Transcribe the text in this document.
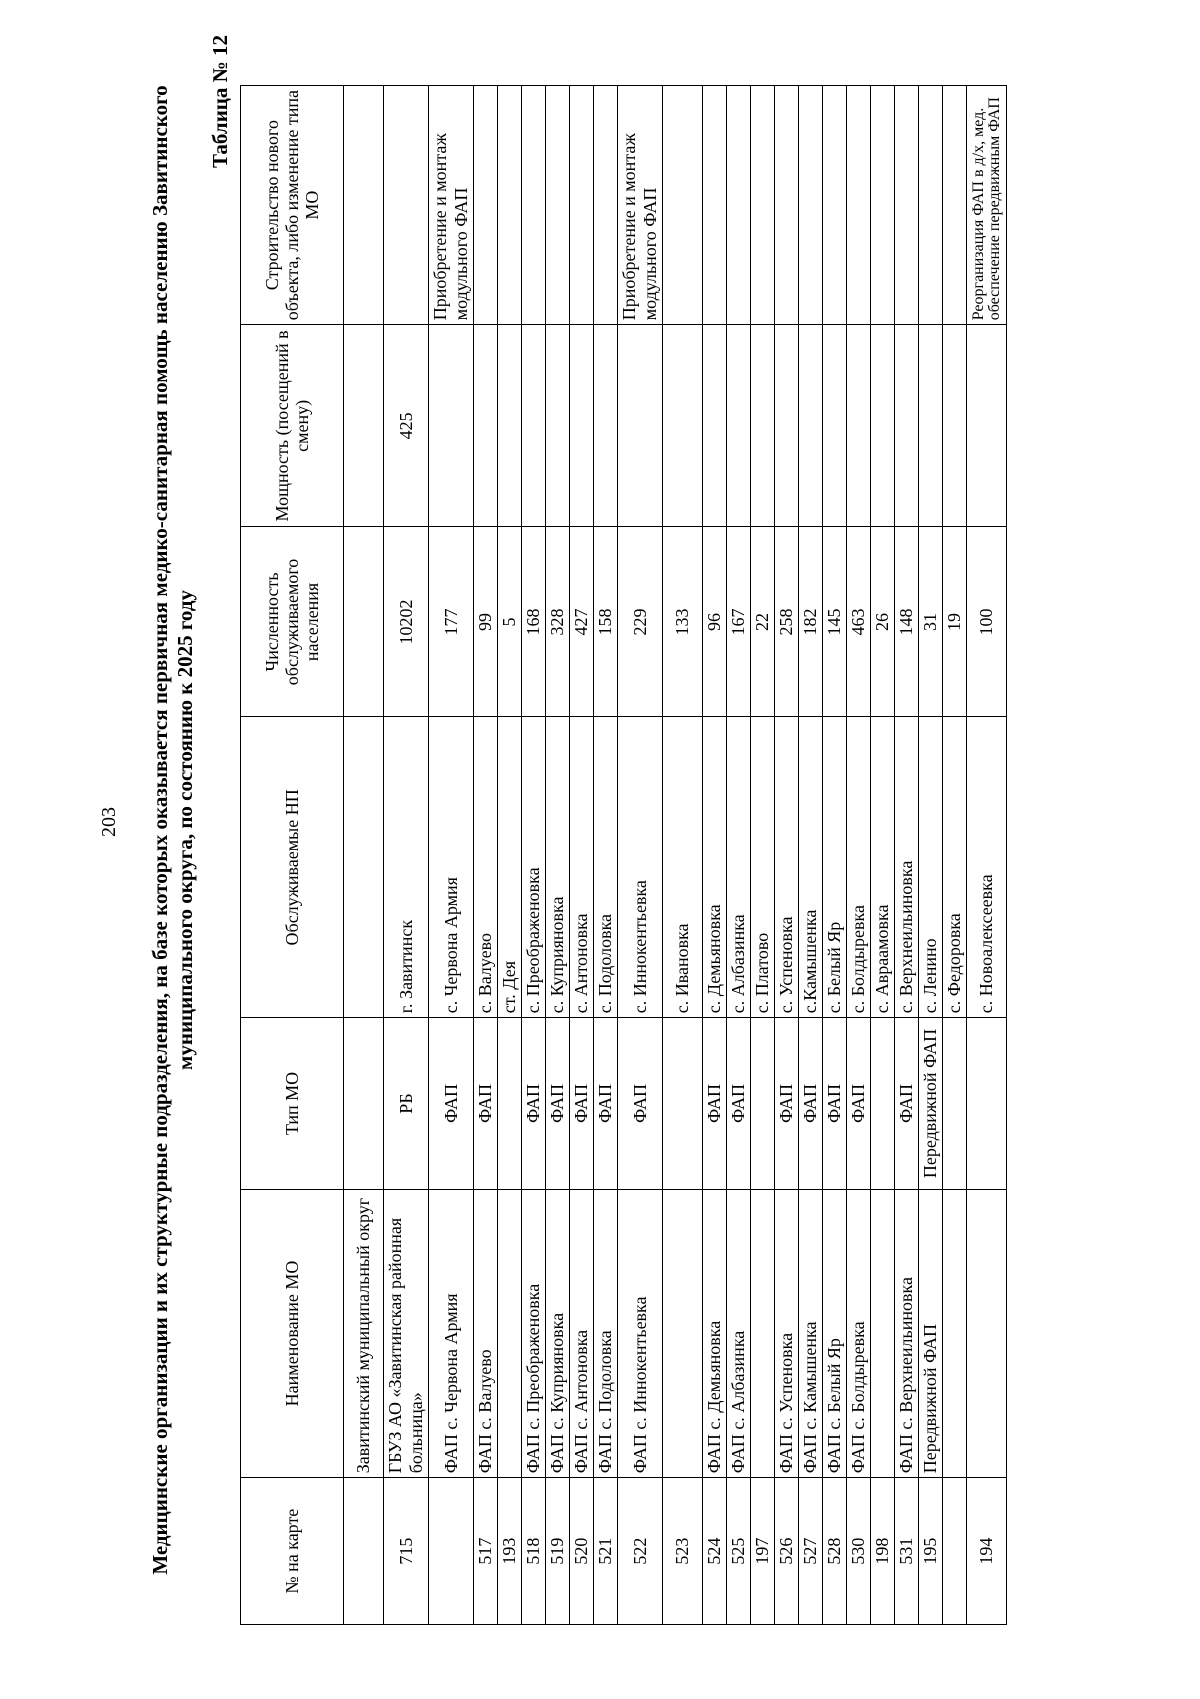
203 Медицинские организации и их структурные подразделения, на базе которых оказывается первичная медико-санитарная помощь населению Завитинского муниципального округа, по состоянию к 2025 году

Таблица № 12
№ на карте	Наименование МО	Тип МО	Обслуживаемые НП	Численность обслуживаемого населения	Мощность (посещений в смену)	Строительство нового объекта, либо изменение типа МО
	Завитинский муниципальный округ					
715	ГБУЗ АО «Завитинская районная больница»	РБ	г. Завитинск	10202	425	
	ФАП с. Червона Армия	ФАП	с. Червона Армия	177		Приобретение и монтаж модульного ФАП
517	ФАП с. Валуево	ФАП	с. Валуево	99		
193			ст. Дея	5		
518	ФАП с. Преображеновка	ФАП	с. Преображеновка	168		
519	ФАП с. Куприяновка	ФАП	с. Куприяновка	328		
520	ФАП с. Антоновка	ФАП	с. Антоновка	427		
521	ФАП с. Подоловка	ФАП	с. Подоловка	158		
522	ФАП с. Иннокентьевка	ФАП	с. Иннокентьевка	229		Приобретение и монтаж модульного ФАП
523			с. Ивановка	133		
524	ФАП с. Демьяновка	ФАП	с. Демьяновка	96		
525	ФАП с. Албазинка	ФАП	с. Албазинка	167		
197			с. Платово	22		
526	ФАП с. Успеновка	ФАП	с. Успеновка	258		
527	ФАП с. Камышенка	ФАП	с.Камышенка	182		
528	ФАП с. Белый Яр	ФАП	с. Белый Яр	145		
530	ФАП с. Болдыревка	ФАП	с. Болдыревка	463		
198			с. Авраамовка	26		
531	ФАП с. Верхнеильиновка	ФАП	с. Верхнеильиновка	148		
195	Передвижной ФАП	Передвижной ФАП	с. Ленино	31		
			с. Федоровка	19		
194			с. Новоалексеевка	100		Реорганизация ФАП в д/х, мед. обеспечение передвижным ФАП
